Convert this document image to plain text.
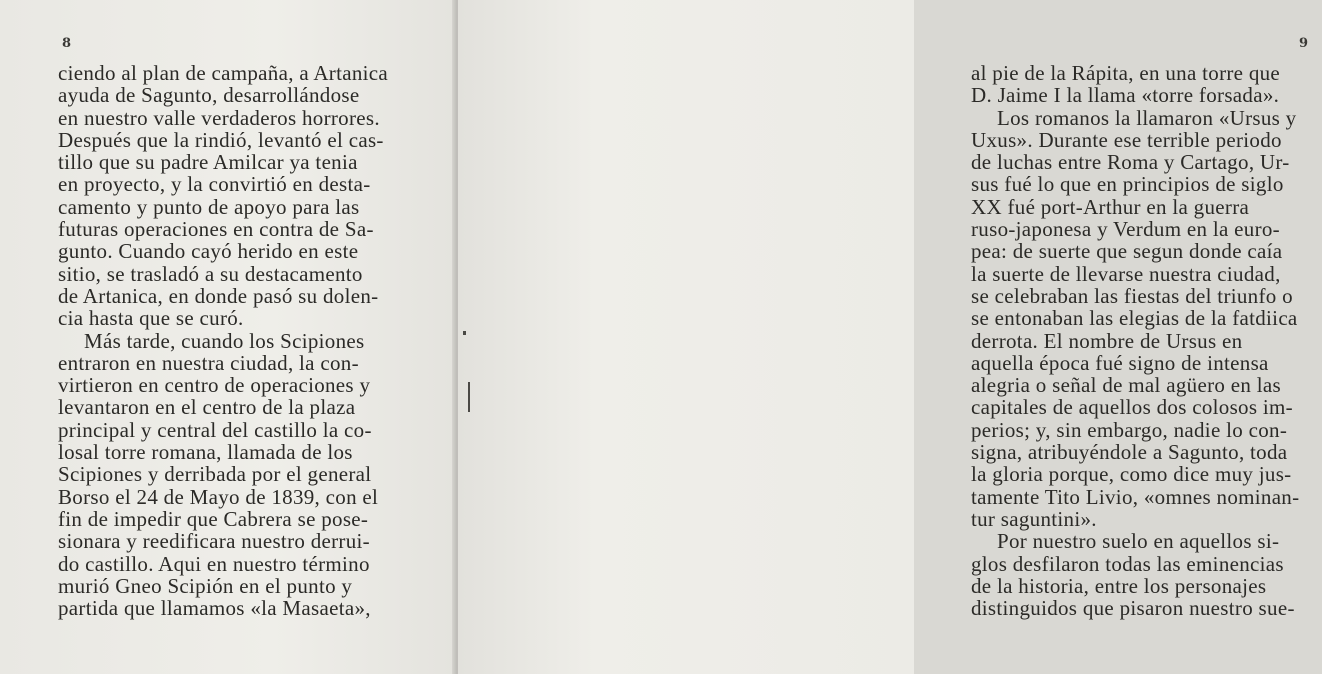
8
ciendo al plan de campaña, a Artanica
ayuda de Sagunto, desarrollándose
en nuestro valle verdaderos horrores.
Después que la rindió, levantó el cas-
tillo que su padre Amilcar ya tenia
en proyecto, y la convirtió en desta-
camento y punto de apoyo para las
futuras operaciones en contra de Sa-
gunto. Cuando cayó herido en este
sitio, se trasladó a su destacamento
de Artanica, en donde pasó su dolen-
cia hasta que se curó.
Más tarde, cuando los Scipiones
entraron en nuestra ciudad, la con-
virtieron en centro de operaciones y
levantaron en el centro de la plaza
principal y central del castillo la co-
losal torre romana, llamada de los
Scipiones y derribada por el general
Borso el 24 de Mayo de 1839, con el
fin de impedir que Cabrera se pose-
sionara y reedificara nuestro derrui-
do castillo. Aqui en nuestro término
murió Gneo Scipión en el punto y
partida que llamamos «la Masaeta»,
9
al pie de la Rápita, en una torre que
D. Jaime I la llama «torre forsada».
Los romanos la llamaron «Ursus y
Uxus». Durante ese terrible periodo
de luchas entre Roma y Cartago, Ur-
sus fué lo que en principios de siglo
XX fué port-Arthur en la guerra
ruso-japonesa y Verdum en la euro-
pea: de suerte que segun donde caía
la suerte de llevarse nuestra ciudad,
se celebraban las fiestas del triunfo o
se entonaban las elegias de la fatdiica
derrota. El nombre de Ursus en
aquella época fué signo de intensa
alegria o señal de mal agüero en las
capitales de aquellos dos colosos im-
perios; y, sin embargo, nadie lo con-
signa, atribuyéndole a Sagunto, toda
la gloria porque, como dice muy jus-
tamente Tito Livio, «omnes nominan-
tur saguntini».
Por nuestro suelo en aquellos si-
glos desfilaron todas las eminencias
de la historia, entre los personajes
distinguidos que pisaron nuestro sue-
